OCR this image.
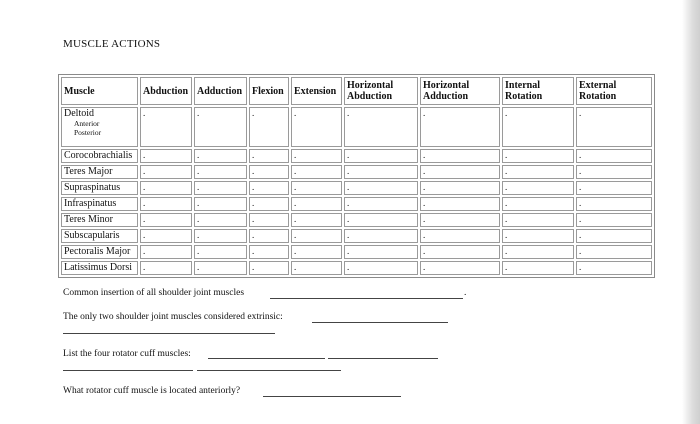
MUSCLE ACTIONS
Muscle	Abduction	Adduction	Flexion	Extension	Horizontal Abduction	Horizontal Adduction	Internal Rotation	External Rotation
Deltoid
Anterior
Posterior	.	.	.	.	.	.	.	.
Corocobrachialis	.	.	.	.	.	.	.	.
Teres Major	.	.	.	.	.	.	.	.
Supraspinatus	.	.	.	.	.	.	.	.
Infraspinatus	.	.	.	.	.	.	.	.
Teres Minor	.	.	.	.	.	.	.	.
Subscapularis	.	.	.	.	.	.	.	.
Pectoralis Major	.	.	.	.	.	.	.	.
Latissimus Dorsi	.	.	.	.	.	.	.	.
Common insertion of all shoulder joint muscles	.
The only two shoulder joint muscles considered extrinsic:
List the four rotator cuff muscles:
What rotator cuff muscle is located anteriorly?
